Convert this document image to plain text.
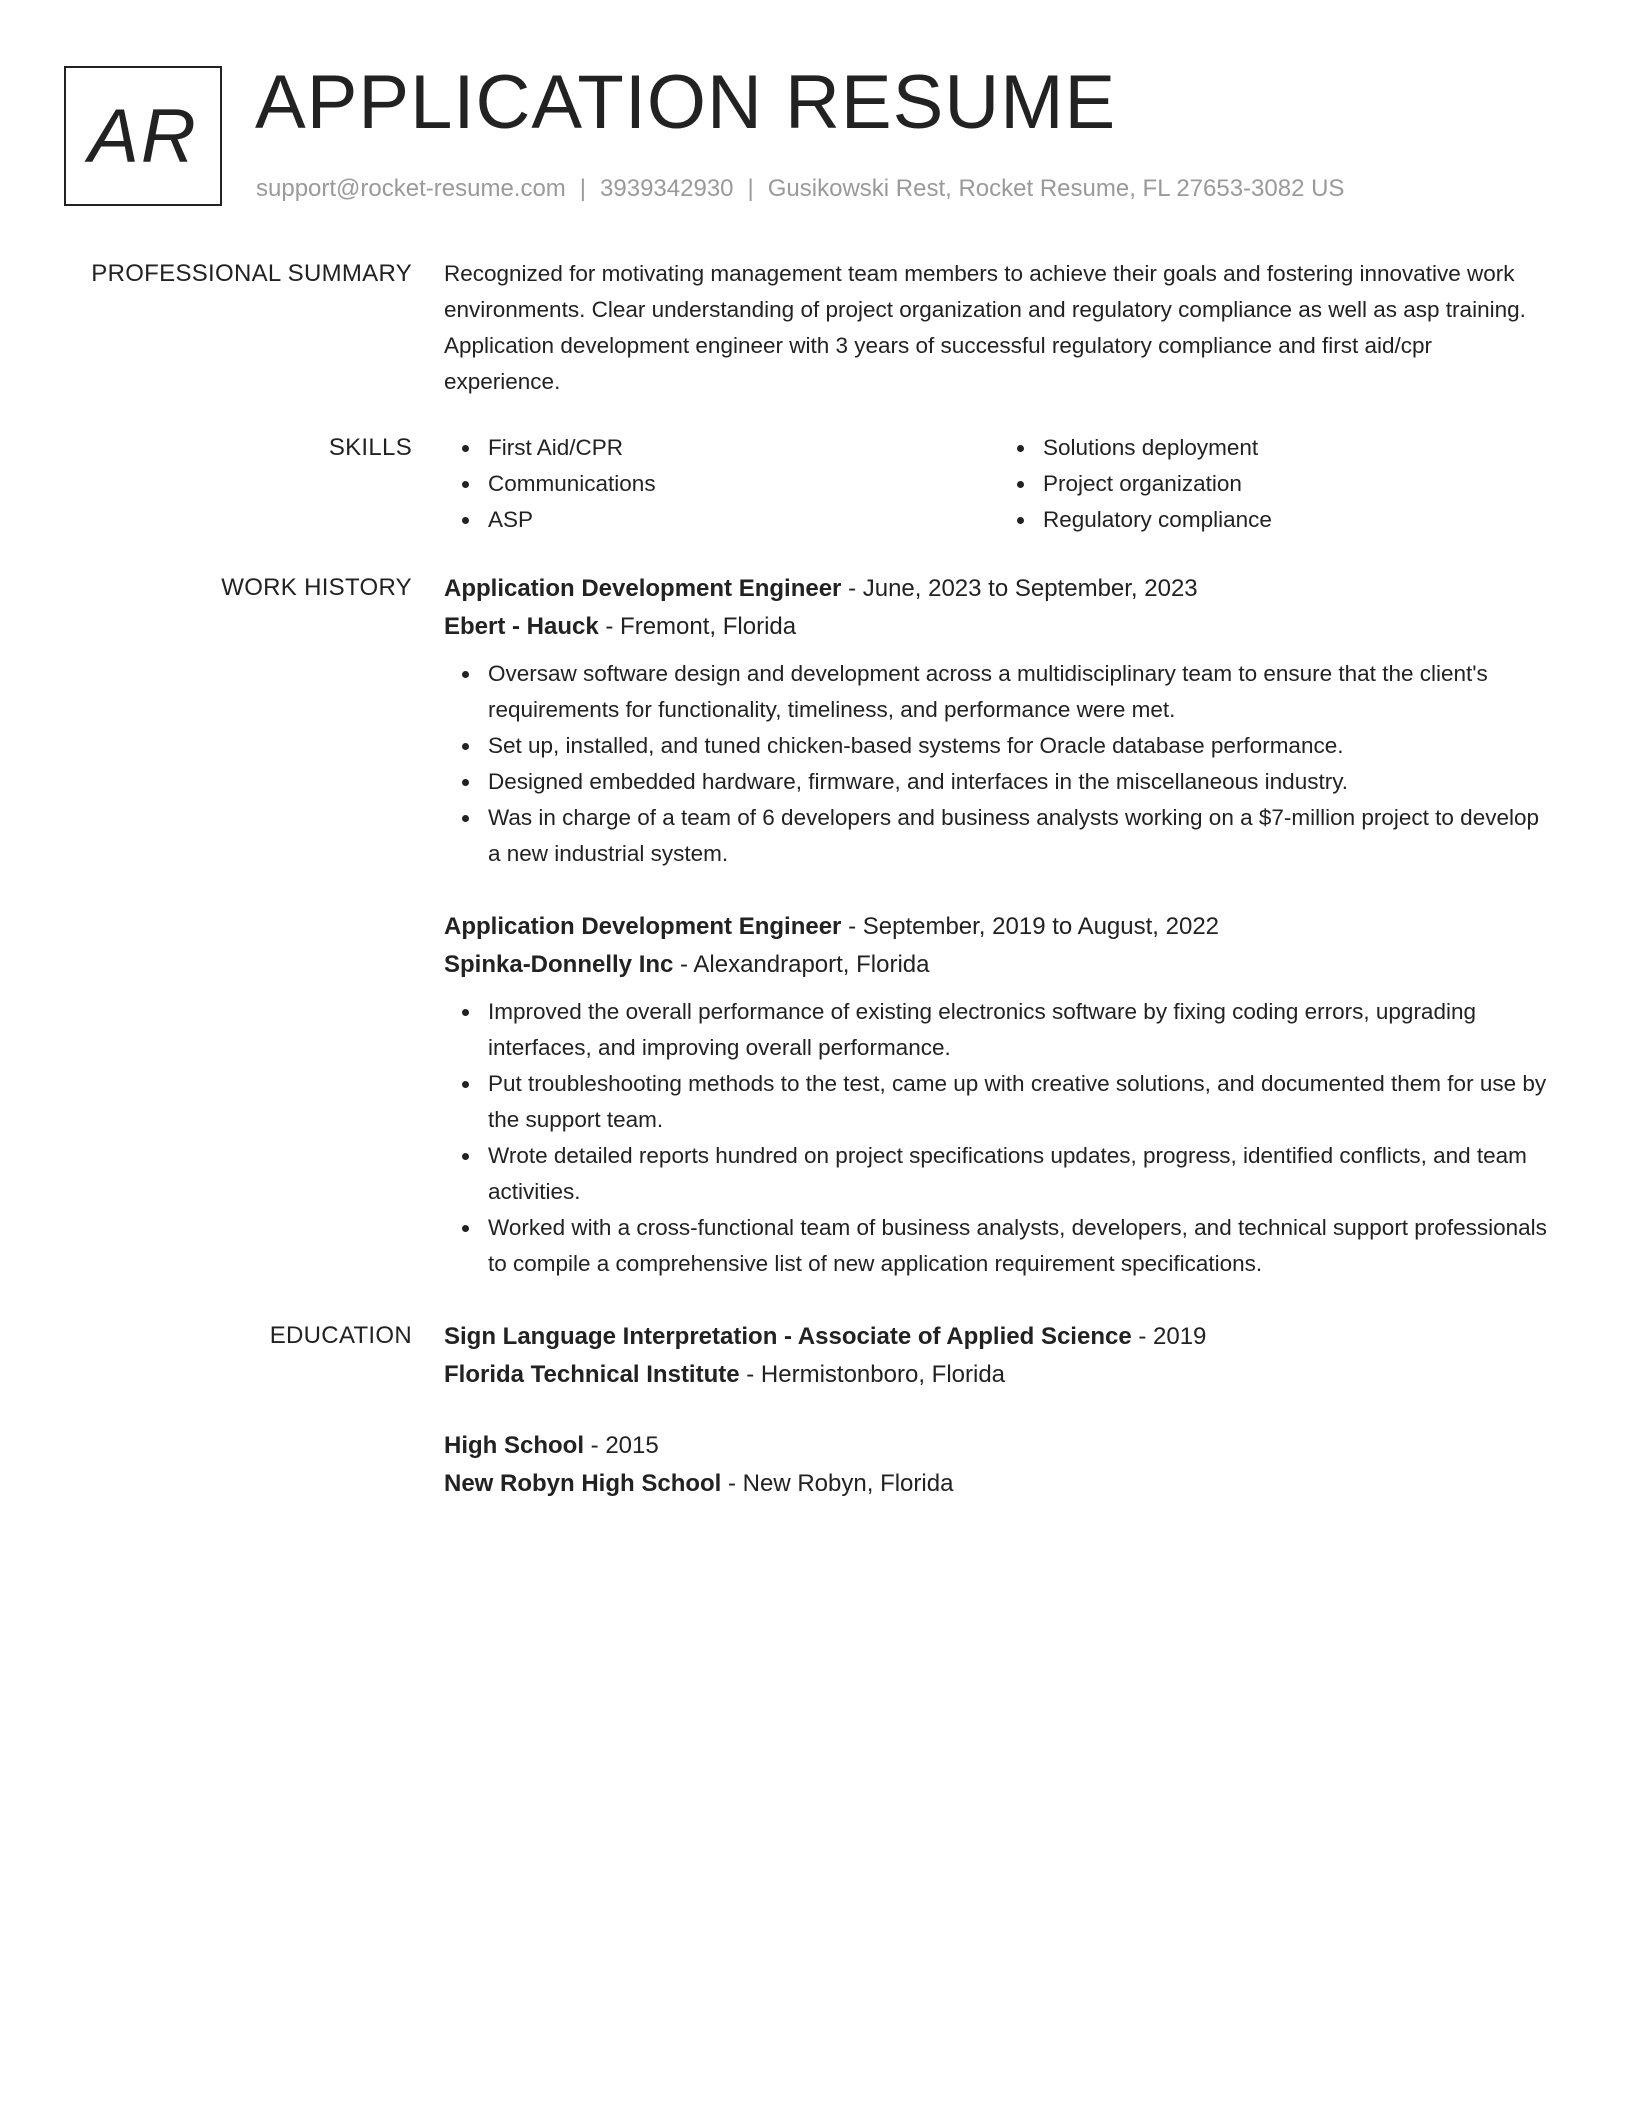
AR APPLICATION RESUME
support@rocket-resume.com | 3939342930 | Gusikowski Rest, Rocket Resume, FL 27653-3082 US
PROFESSIONAL SUMMARY Recognized for motivating management team members to achieve their goals and fostering innovative work environments. Clear understanding of project organization and regulatory compliance as well as asp training. Application development engineer with 3 years of successful regulatory compliance and first aid/cpr experience.

SKILLS	First Aid/CPR
Communications
ASP
Solutions deployment
Project organization
Regulatory compliance
WORK HISTORY Application Development Engineer - June, 2023 to September, 2023

Ebert - Hauck - Fremont, Florida

Oversaw software design and development across a multidisciplinary team to ensure that the client's requirements for functionality, timeliness, and performance were met.
Set up, installed, and tuned chicken-based systems for Oracle database performance.
Designed embedded hardware, firmware, and interfaces in the miscellaneous industry.
Was in charge of a team of 6 developers and business analysts working on a $7-million project to develop a new industrial system.

Application Development Engineer - September, 2019 to August, 2022

Spinka-Donnelly Inc - Alexandraport, Florida

Improved the overall performance of existing electronics software by fixing coding errors, upgrading interfaces, and improving overall performance.
Put troubleshooting methods to the test, came up with creative solutions, and documented them for use by the support team.
Wrote detailed reports hundred on project specifications updates, progress, identified conflicts, and team activities.
Worked with a cross-functional team of business analysts, developers, and technical support professionals to compile a comprehensive list of new application requirement specifications.
EDUCATION Sign Language Interpretation - Associate of Applied Science - 2019

Florida Technical Institute - Hermistonboro, Florida

High School - 2015

New Robyn High School - New Robyn, Florida
